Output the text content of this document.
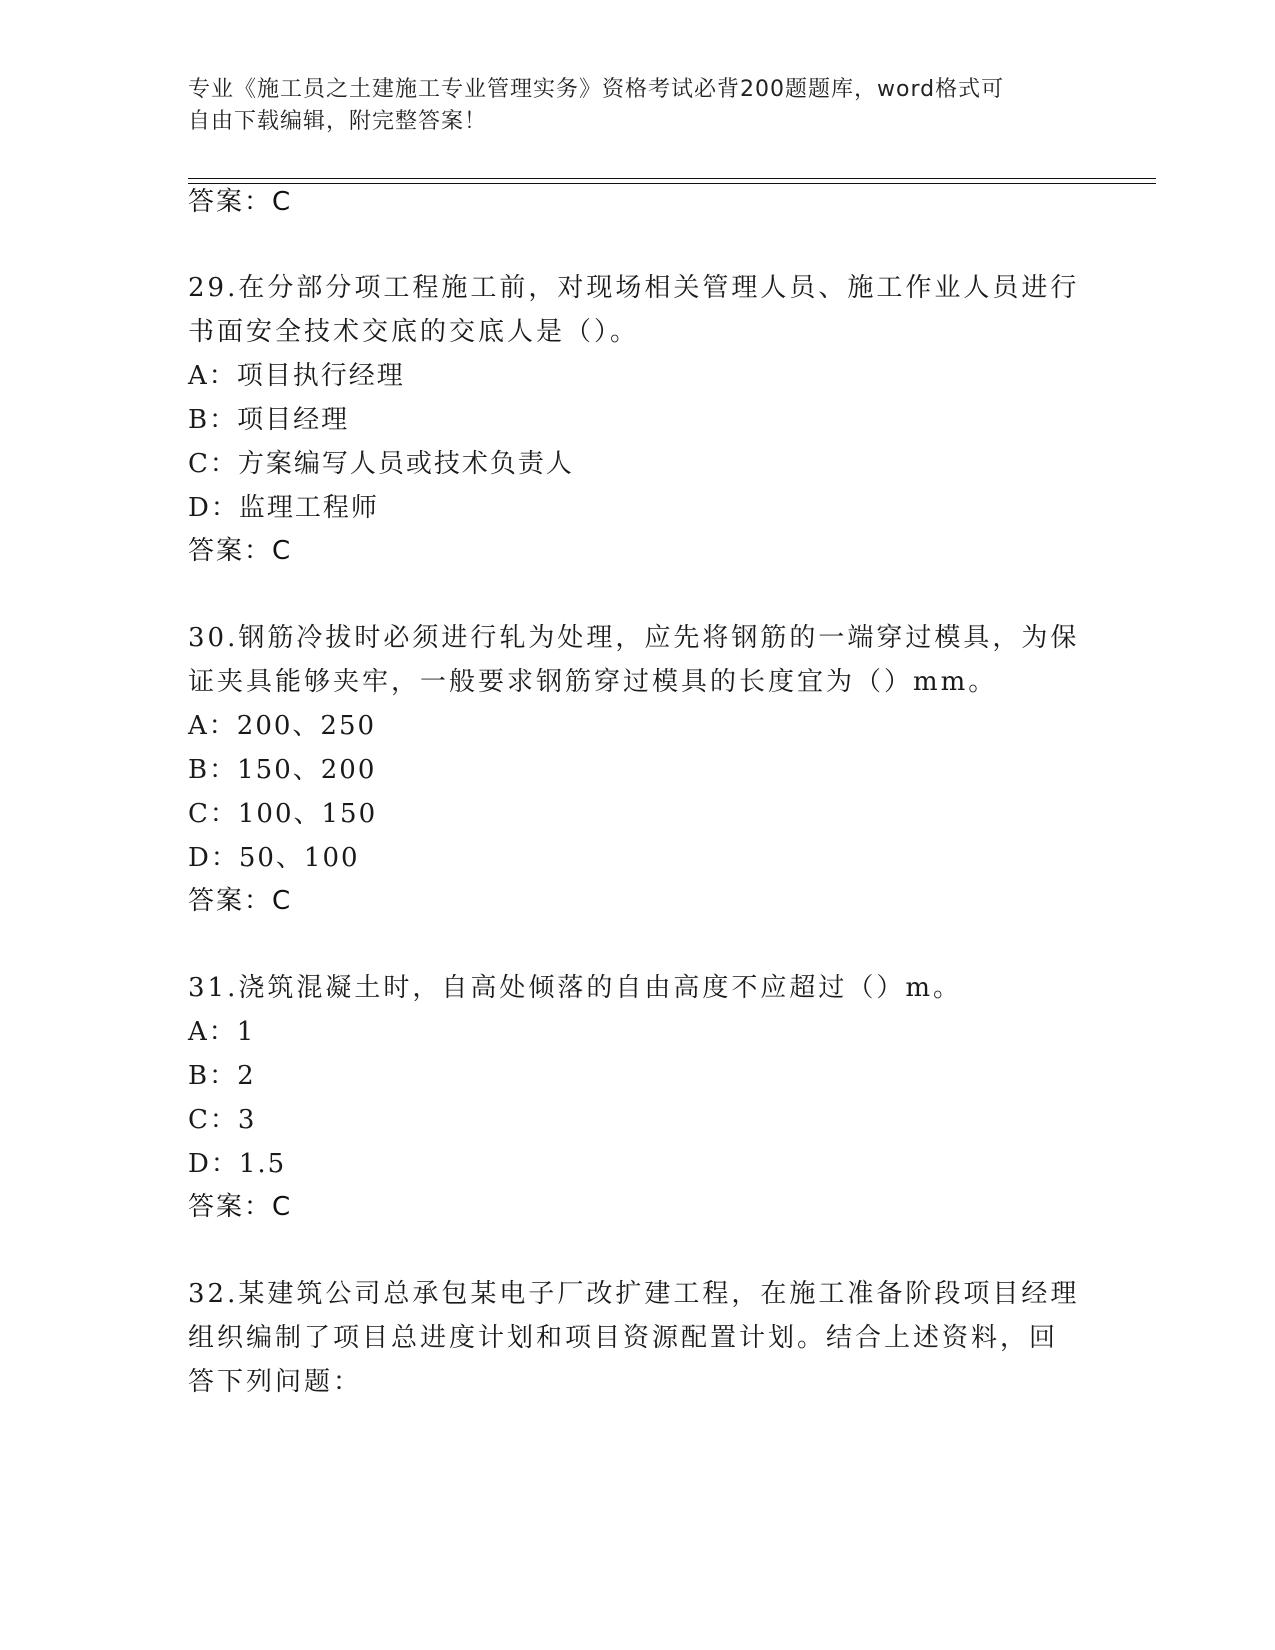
专业《施工员之土建施工专业管理实务》资格考试必背200题题库，word格式可
自由下载编辑，附完整答案！
答案：C
29.在分部分项工程施工前，对现场相关管理人员、施工作业人员进行
书面安全技术交底的交底人是（）。
A：项目执行经理
B：项目经理
C：方案编写人员或技术负责人
D：监理工程师
答案：C
30.钢筋冷拔时必须进行轧为处理，应先将钢筋的一端穿过模具，为保
证夹具能够夹牢，一般要求钢筋穿过模具的长度宜为（）mm。
A：200、250
B：150、200
C：100、150
D：50、100
答案：C
31.浇筑混凝土时，自高处倾落的自由高度不应超过（）m。
A：1
B：2
C：3
D：1.5
答案：C
32.某建筑公司总承包某电子厂改扩建工程，在施工准备阶段项目经理
组织编制了项目总进度计划和项目资源配置计划。结合上述资料，回
答下列问题：
